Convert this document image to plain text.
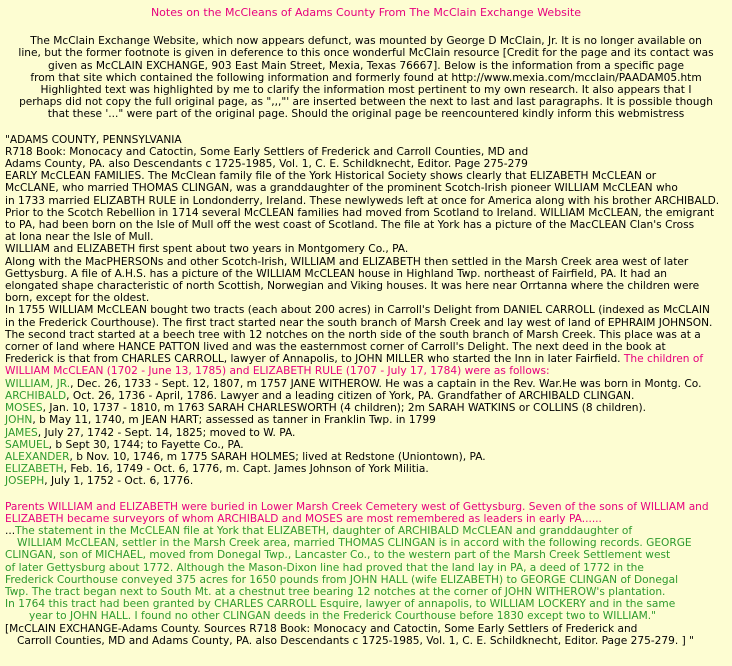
Notes on the McCleans of Adams County From The McClain Exchange Website
The McClain Exchange Website, which now appears defunct, was mounted by George D McClain, Jr. It is no longer available on
line, but the former footnote is given in deference to this once wonderful McClain resource [Credit for the page and its contact was
given as McCLAIN EXCHANGE, 903 East Main Street, Mexia, Texas 76667]. Below is the information from a specific page
from that site which contained the following information and formerly found at http://www.mexia.com/mcclain/PAADAM05.htm
Highlighted text was highlighted by me to clarify the information most pertinent to my own research. It also appears that I
perhaps did not copy the full original page, as ",,,"' are inserted between the next to last and last paragraphs. It is possible though
that these '..." were part of the original page. Should the original page be reencountered kindly inform this webmistress
"ADAMS COUNTY, PENNSYLVANIA
R718 Book: Monocacy and Catoctin, Some Early Settlers of Frederick and Carroll Counties, MD and
Adams County, PA. also Descendants c 1725-1985, Vol. 1, C. E. Schildknecht, Editor. Page 275-279
EARLY McCLEAN FAMILIES. The McClean family file of the York Historical Society shows clearly that ELIZABETH McCLEAN or
McCLANE, who married THOMAS CLINGAN, was a granddaughter of the prominent Scotch-Irish pioneer WILLIAM McCLEAN who
in 1733 married ELIZABTH RULE in Londonderry, Ireland. These newlyweds left at once for America along with his brother ARCHIBALD.
Prior to the Scotch Rebellion in 1714 several McCLEAN families had moved from Scotland to Ireland. WILLIAM McCLEAN, the emigrant
to PA, had been born on the Isle of Mull off the west coast of Scotland. The file at York has a picture of the MacCLEAN Clan's Cross
at Iona near the Isle of Mull.
WILLIAM and ELIZABETH first spent about two years in Montgomery Co., PA.
Along with the MacPHERSONs and other Scotch-Irish, WILLIAM and ELIZABETH then settled in the Marsh Creek area west of later
Gettysburg. A file of A.H.S. has a picture of the WILLIAM McCLEAN house in Highland Twp. northeast of Fairfield, PA. It had an
elongated shape characteristic of north Scottish, Norwegian and Viking houses. It was here near Orrtanna where the children were
born, except for the oldest.
In 1755 WILLIAM McCLEAN bought two tracts (each about 200 acres) in Carroll's Delight from DANIEL CARROLL (indexed as McCLAIN
in the Frederick Courthouse). The first tract started near the south branch of Marsh Creek and lay west of land of EPHRAIM JOHNSON.
The second tract started at a beech tree with 12 notches on the north side of the south branch of Marsh Creek. This place was at a
corner of land where HANCE PATTON lived and was the easternmost corner of Carroll's Delight. The next deed in the book at
Frederick is that from CHARLES CARROLL, lawyer of Annapolis, to JOHN MILLER who started the Inn in later Fairfield. The children of
WILLIAM McCLEAN (1702 - June 13, 1785) and ELIZABETH RULE (1707 - July 17, 1784) were as follows:
WILLIAM, JR., Dec. 26, 1733 - Sept. 12, 1807, m 1757 JANE WITHEROW. He was a captain in the Rev. War.He was born in Montg. Co.
ARCHIBALD, Oct. 26, 1736 - April, 1786. Lawyer and a leading citizen of York, PA. Grandfather of ARCHIBALD CLINGAN.
MOSES, Jan. 10, 1737 - 1810, m 1763 SARAH CHARLESWORTH (4 children); 2m SARAH WATKINS or COLLINS (8 children).
JOHN, b May 11, 1740, m JEAN HART; assessed as tanner in Franklin Twp. in 1799
JAMES, July 27, 1742 - Sept. 14, 1825; moved to W. PA.
SAMUEL, b Sept 30, 1744; to Fayette Co., PA.
ALEXANDER, b Nov. 10, 1746, m 1775 SARAH HOLMES; lived at Redstone (Uniontown), PA.
ELIZABETH, Feb. 16, 1749 - Oct. 6, 1776, m. Capt. James Johnson of York Militia.
JOSEPH, July 1, 1752 - Oct. 6, 1776.
Parents WILLIAM and ELIZABETH were buried in Lower Marsh Creek Cemetery west of Gettysburg. Seven of the sons of WILLIAM and
ELIZABETH became surveyors of whom ARCHIBALD and MOSES are most remembered as leaders in early PA......
...The statement in the McCLEAN file at York that ELIZABETH, daughter of ARCHIBALD McCLEAN and granddaughter of
WILLIAM McCLEAN, settler in the Marsh Creek area, married THOMAS CLINGAN is in accord with the following records. GEORGE
CLINGAN, son of MICHAEL, moved from Donegal Twp., Lancaster Co., to the western part of the Marsh Creek Settlement west
of later Gettysburg about 1772. Although the Mason-Dixon line had proved that the land lay in PA, a deed of 1772 in the
Frederick Courthouse conveyed 375 acres for 1650 pounds from JOHN HALL (wife ELIZABETH) to GEORGE CLINGAN of Donegal
Twp. The tract began next to South Mt. at a chestnut tree bearing 12 notches at the corner of JOHN WITHEROW's plantation.
In 1764 this tract had been granted by CHARLES CARROLL Esquire, lawyer of annapolis, to WILLIAM LOCKERY and in the same
year to JOHN HALL. I found no other CLINGAN deeds in the Frederick Courthouse before 1830 except two to WILLIAM."
[McCLAIN EXCHANGE-Adams County. Sources R718 Book: Monocacy and Catoctin, Some Early Settlers of Frederick and
Carroll Counties, MD and Adams County, PA. also Descendants c 1725-1985, Vol. 1, C. E. Schildknecht, Editor. Page 275-279. ] "
